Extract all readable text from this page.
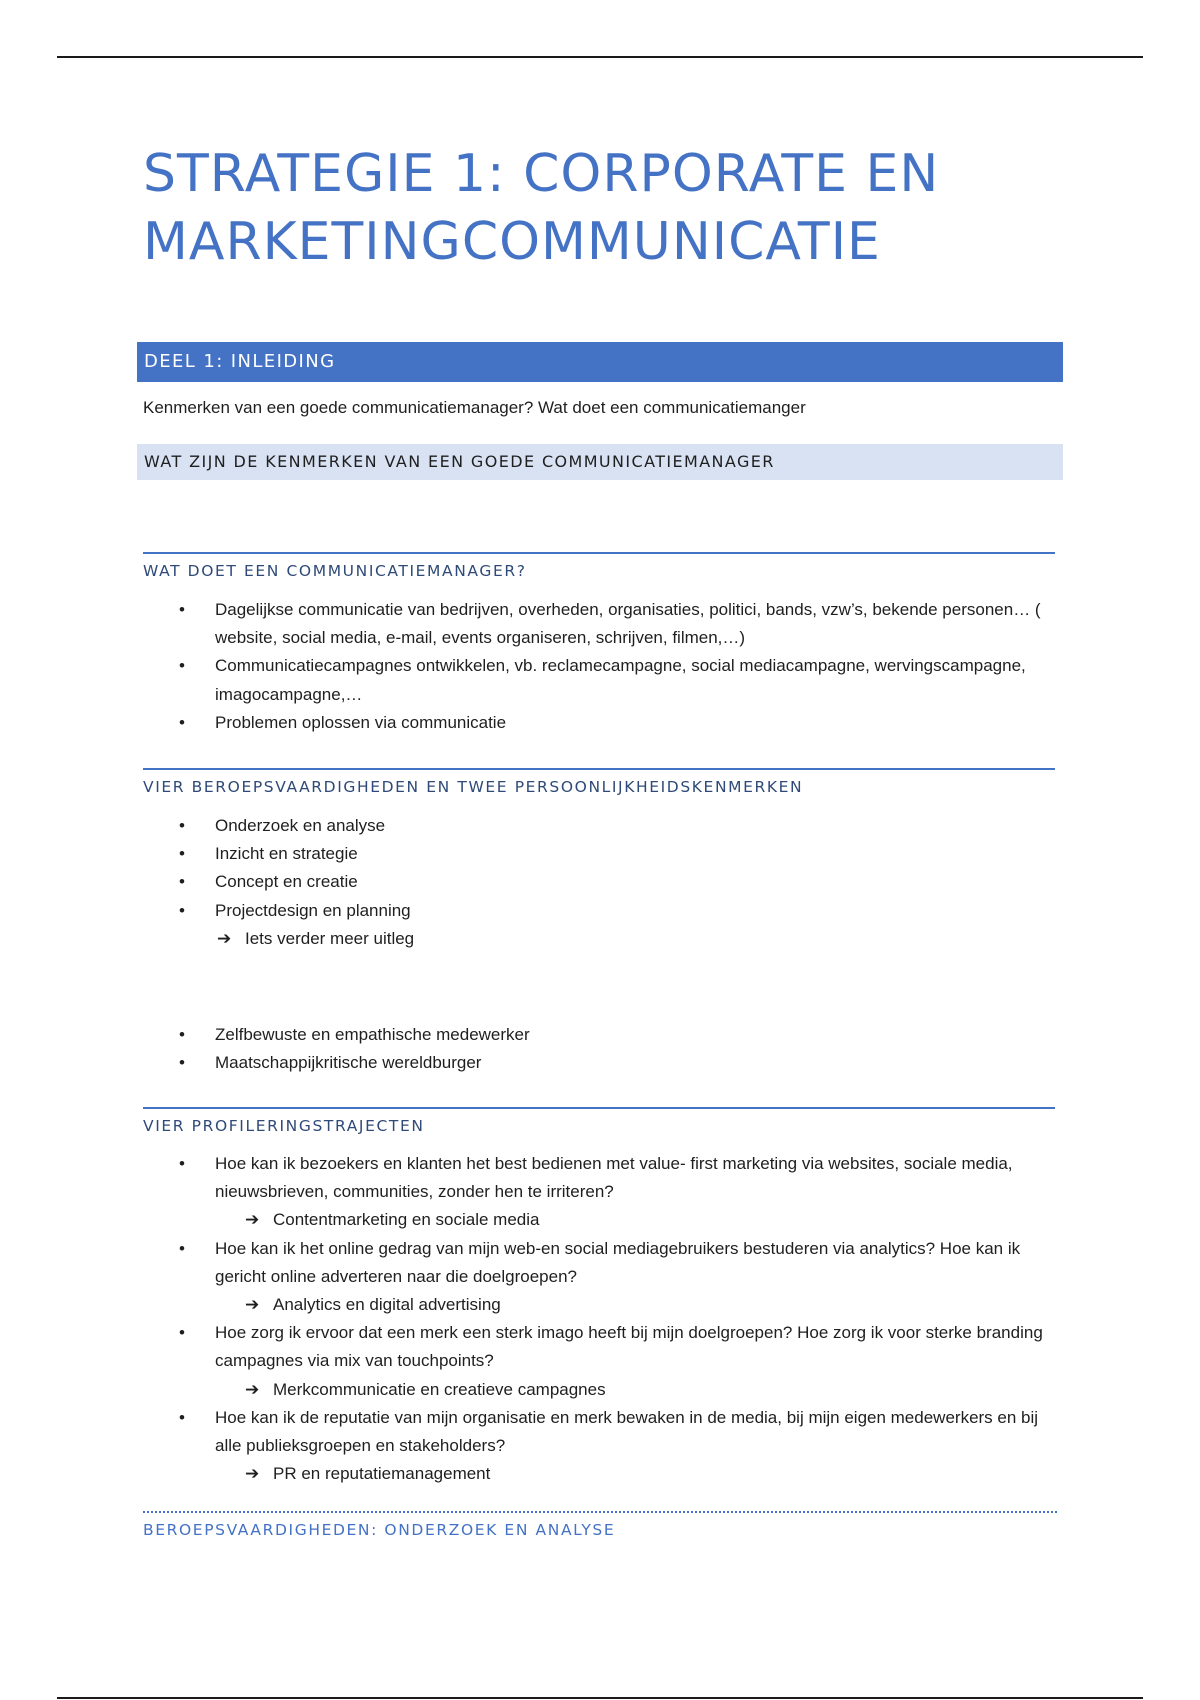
STRATEGIE 1: CORPORATE EN MARKETINGCOMMUNICATIE
DEEL 1: INLEIDING

Kenmerken van een goede communicatiemanager? Wat doet een communicatiemanger

WAT ZIJN DE KENMERKEN VAN EEN GOEDE COMMUNICATIEMANAGER
WAT DOET EEN COMMUNICATIEMANAGER?
• Dagelijkse communicatie van bedrijven, overheden, organisaties, politici, bands, vzw’s, bekende personen… ( website, social media, e-mail, events organiseren, schrijven, filmen,…)
• Communicatiecampagnes ontwikkelen, vb. reclamecampagne, social mediacampagne, wervingscampagne, imagocampagne,…
• Problemen oplossen via communicatie
VIER BEROEPSVAARDIGHEDEN EN TWEE PERSOONLIJKHEIDSKENMERKEN
• Onderzoek en analyse
• Inzicht en strategie
• Concept en creatie
• Projectdesign en planning
➔ Iets verder meer uitleg
• Zelfbewuste en empathische medewerker
• Maatschappijkritische wereldburger
VIER PROFILERINGSTRAJECTEN
• Hoe kan ik bezoekers en klanten het best bedienen met value- first marketing via websites, sociale media, nieuwsbrieven, communities, zonder hen te irriteren?
➔ Contentmarketing en sociale media
• Hoe kan ik het online gedrag van mijn web-en social mediagebruikers bestuderen via analytics? Hoe kan ik gericht online adverteren naar die doelgroepen?
➔ Analytics en digital advertising
• Hoe zorg ik ervoor dat een merk een sterk imago heeft bij mijn doelgroepen? Hoe zorg ik voor sterke branding campagnes via mix van touchpoints?
➔ Merkcommunicatie en creatieve campagnes
• Hoe kan ik de reputatie van mijn organisatie en merk bewaken in de media, bij mijn eigen medewerkers en bij alle publieksgroepen en stakeholders?
➔ PR en reputatiemanagement
BEROEPSVAARDIGHEDEN: ONDERZOEK EN ANALYSE
